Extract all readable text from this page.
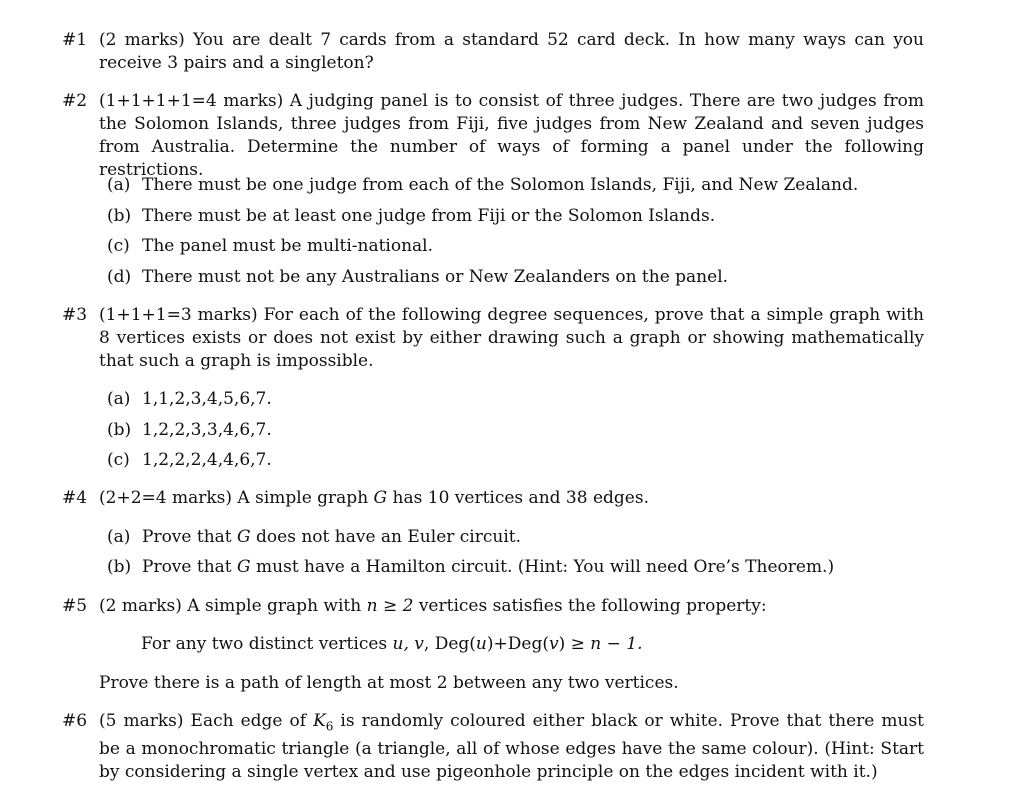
#1 (2 marks) You are dealt 7 cards from a standard 52 card deck. In how many ways can you receive 3 pairs and a singleton?
#2 (1+1+1+1=4 marks) A judging panel is to consist of three judges. There are two judges from the Solomon Islands, three judges from Fiji, five judges from New Zealand and seven judges from Australia. Determine the number of ways of forming a panel under the following restrictions.
(a) There must be one judge from each of the Solomon Islands, Fiji, and New Zealand.
(b) There must be at least one judge from Fiji or the Solomon Islands.
(c) The panel must be multi-national.
(d) There must not be any Australians or New Zealanders on the panel.
#3 (1+1+1=3 marks) For each of the following degree sequences, prove that a simple graph with 8 vertices exists or does not exist by either drawing such a graph or showing mathematically that such a graph is impossible.
(a) 1,1,2,3,4,5,6,7.
(b) 1,2,2,3,3,4,6,7.
(c) 1,2,2,2,4,4,6,7.
#4 (2+2=4 marks) A simple graph G has 10 vertices and 38 edges.
(a) Prove that G does not have an Euler circuit.
(b) Prove that G must have a Hamilton circuit. (Hint: You will need Ore’s Theorem.)
#5 (2 marks) A simple graph with n ≥ 2 vertices satisfies the following property:
For any two distinct vertices u, v, Deg(u)+Deg(v) ≥ n − 1.
Prove there is a path of length at most 2 between any two vertices.
#6 (5 marks) Each edge of $K_6$ is randomly coloured either black or white. Prove that there must be a monochromatic triangle (a triangle, all of whose edges have the same colour). (Hint: Start by considering a single vertex and use pigeonhole principle on the edges incident with it.)
